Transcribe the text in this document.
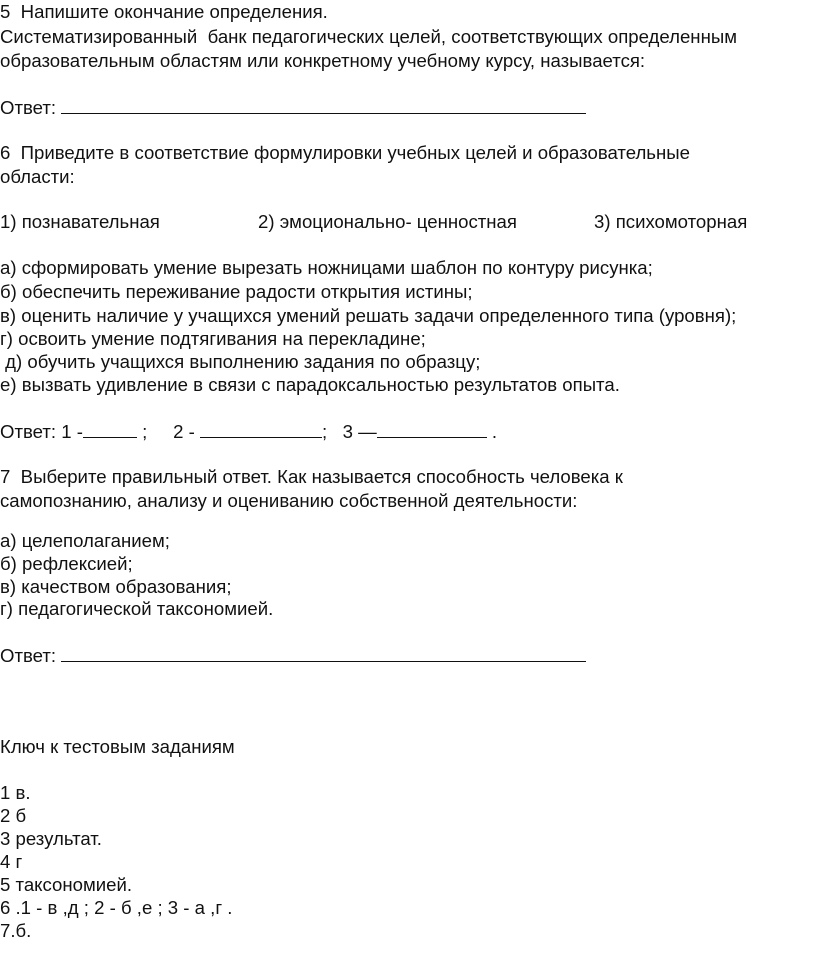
5  Напишите окончание определения.
Систематизированный  банк педагогических целей, соответствующих определенным
образовательным областям или конкретному учебному курсу, называется:
Ответ:
6  Приведите в соответствие формулировки учебных целей и образовательные
области:
1) познавательная	2) эмоционально- ценностная	3) психомоторная
а) сформировать умение вырезать ножницами шаблон по контуру рисунка;
б) обеспечить переживание радости открытия истины;
в) оценить наличие у учащихся умений решать задачи определенного типа (уровня);
г) освоить умение подтягивания на перекладине;
д) обучить учащихся выполнению задания по образцу;
е) вызвать удивление в связи с парадоксальностью результатов опыта.
Ответ: 1 -	;     2 -	;   3 —	.
7  Выберите правильный ответ. Как называется способность человека к
самопознанию, анализу и оцениванию собственной деятельности:
а) целеполаганием;
б) рефлексией;
в) качеством образования;
г) педагогической таксономией.
Ответ:
Ключ к тестовым заданиям
1 в.
2 б
3 результат.
4 г
5 таксономией.
6 .1 - в ,д ; 2 - б ,е ; 3 - а ,г .
7.б.
